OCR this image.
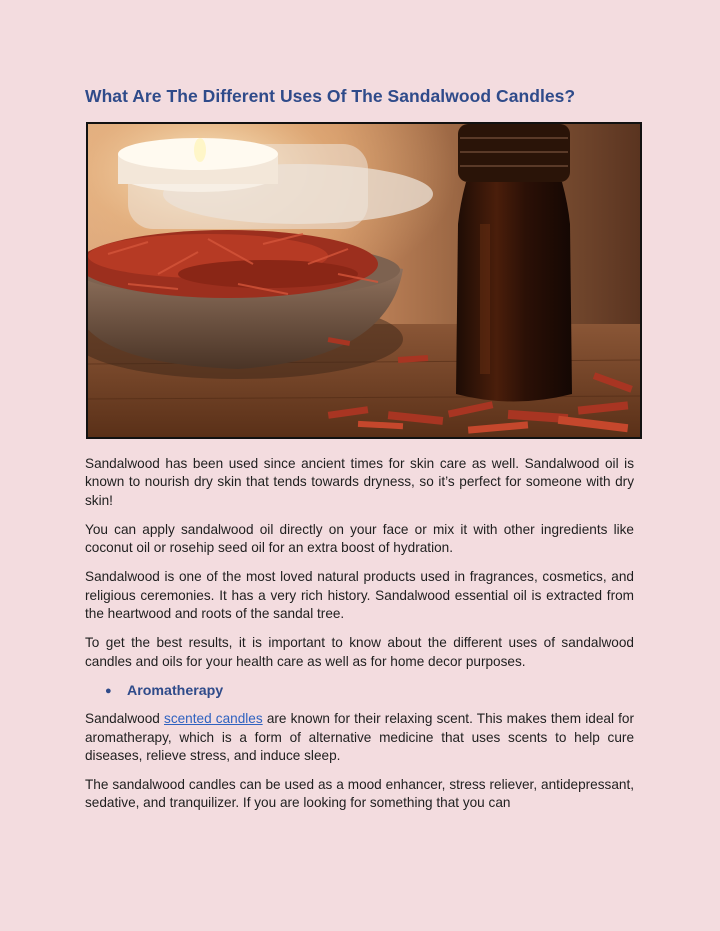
What Are The Different Uses Of The Sandalwood Candles?

Sandalwood has been used since ancient times for skin care as well. Sandalwood oil is known to nourish dry skin that tends towards dryness, so it’s perfect for someone with dry skin!

You can apply sandalwood oil directly on your face or mix it with other ingredients like coconut oil or rosehip seed oil for an extra boost of hydration.

Sandalwood is one of the most loved natural products used in fragrances, cosmetics, and religious ceremonies. It has a very rich history. Sandalwood essential oil is extracted from the heartwood and roots of the sandal tree.

To get the best results, it is important to know about the different uses of sandalwood candles and oils for your health care as well as for home decor purposes.

●	Aromatherapy

Sandalwood scented candles are known for their relaxing scent. This makes them ideal for aromatherapy, which is a form of alternative medicine that uses scents to help cure diseases, relieve stress, and induce sleep.

The sandalwood candles can be used as a mood enhancer, stress reliever, antidepressant, sedative, and tranquilizer. If you are looking for something that you can
